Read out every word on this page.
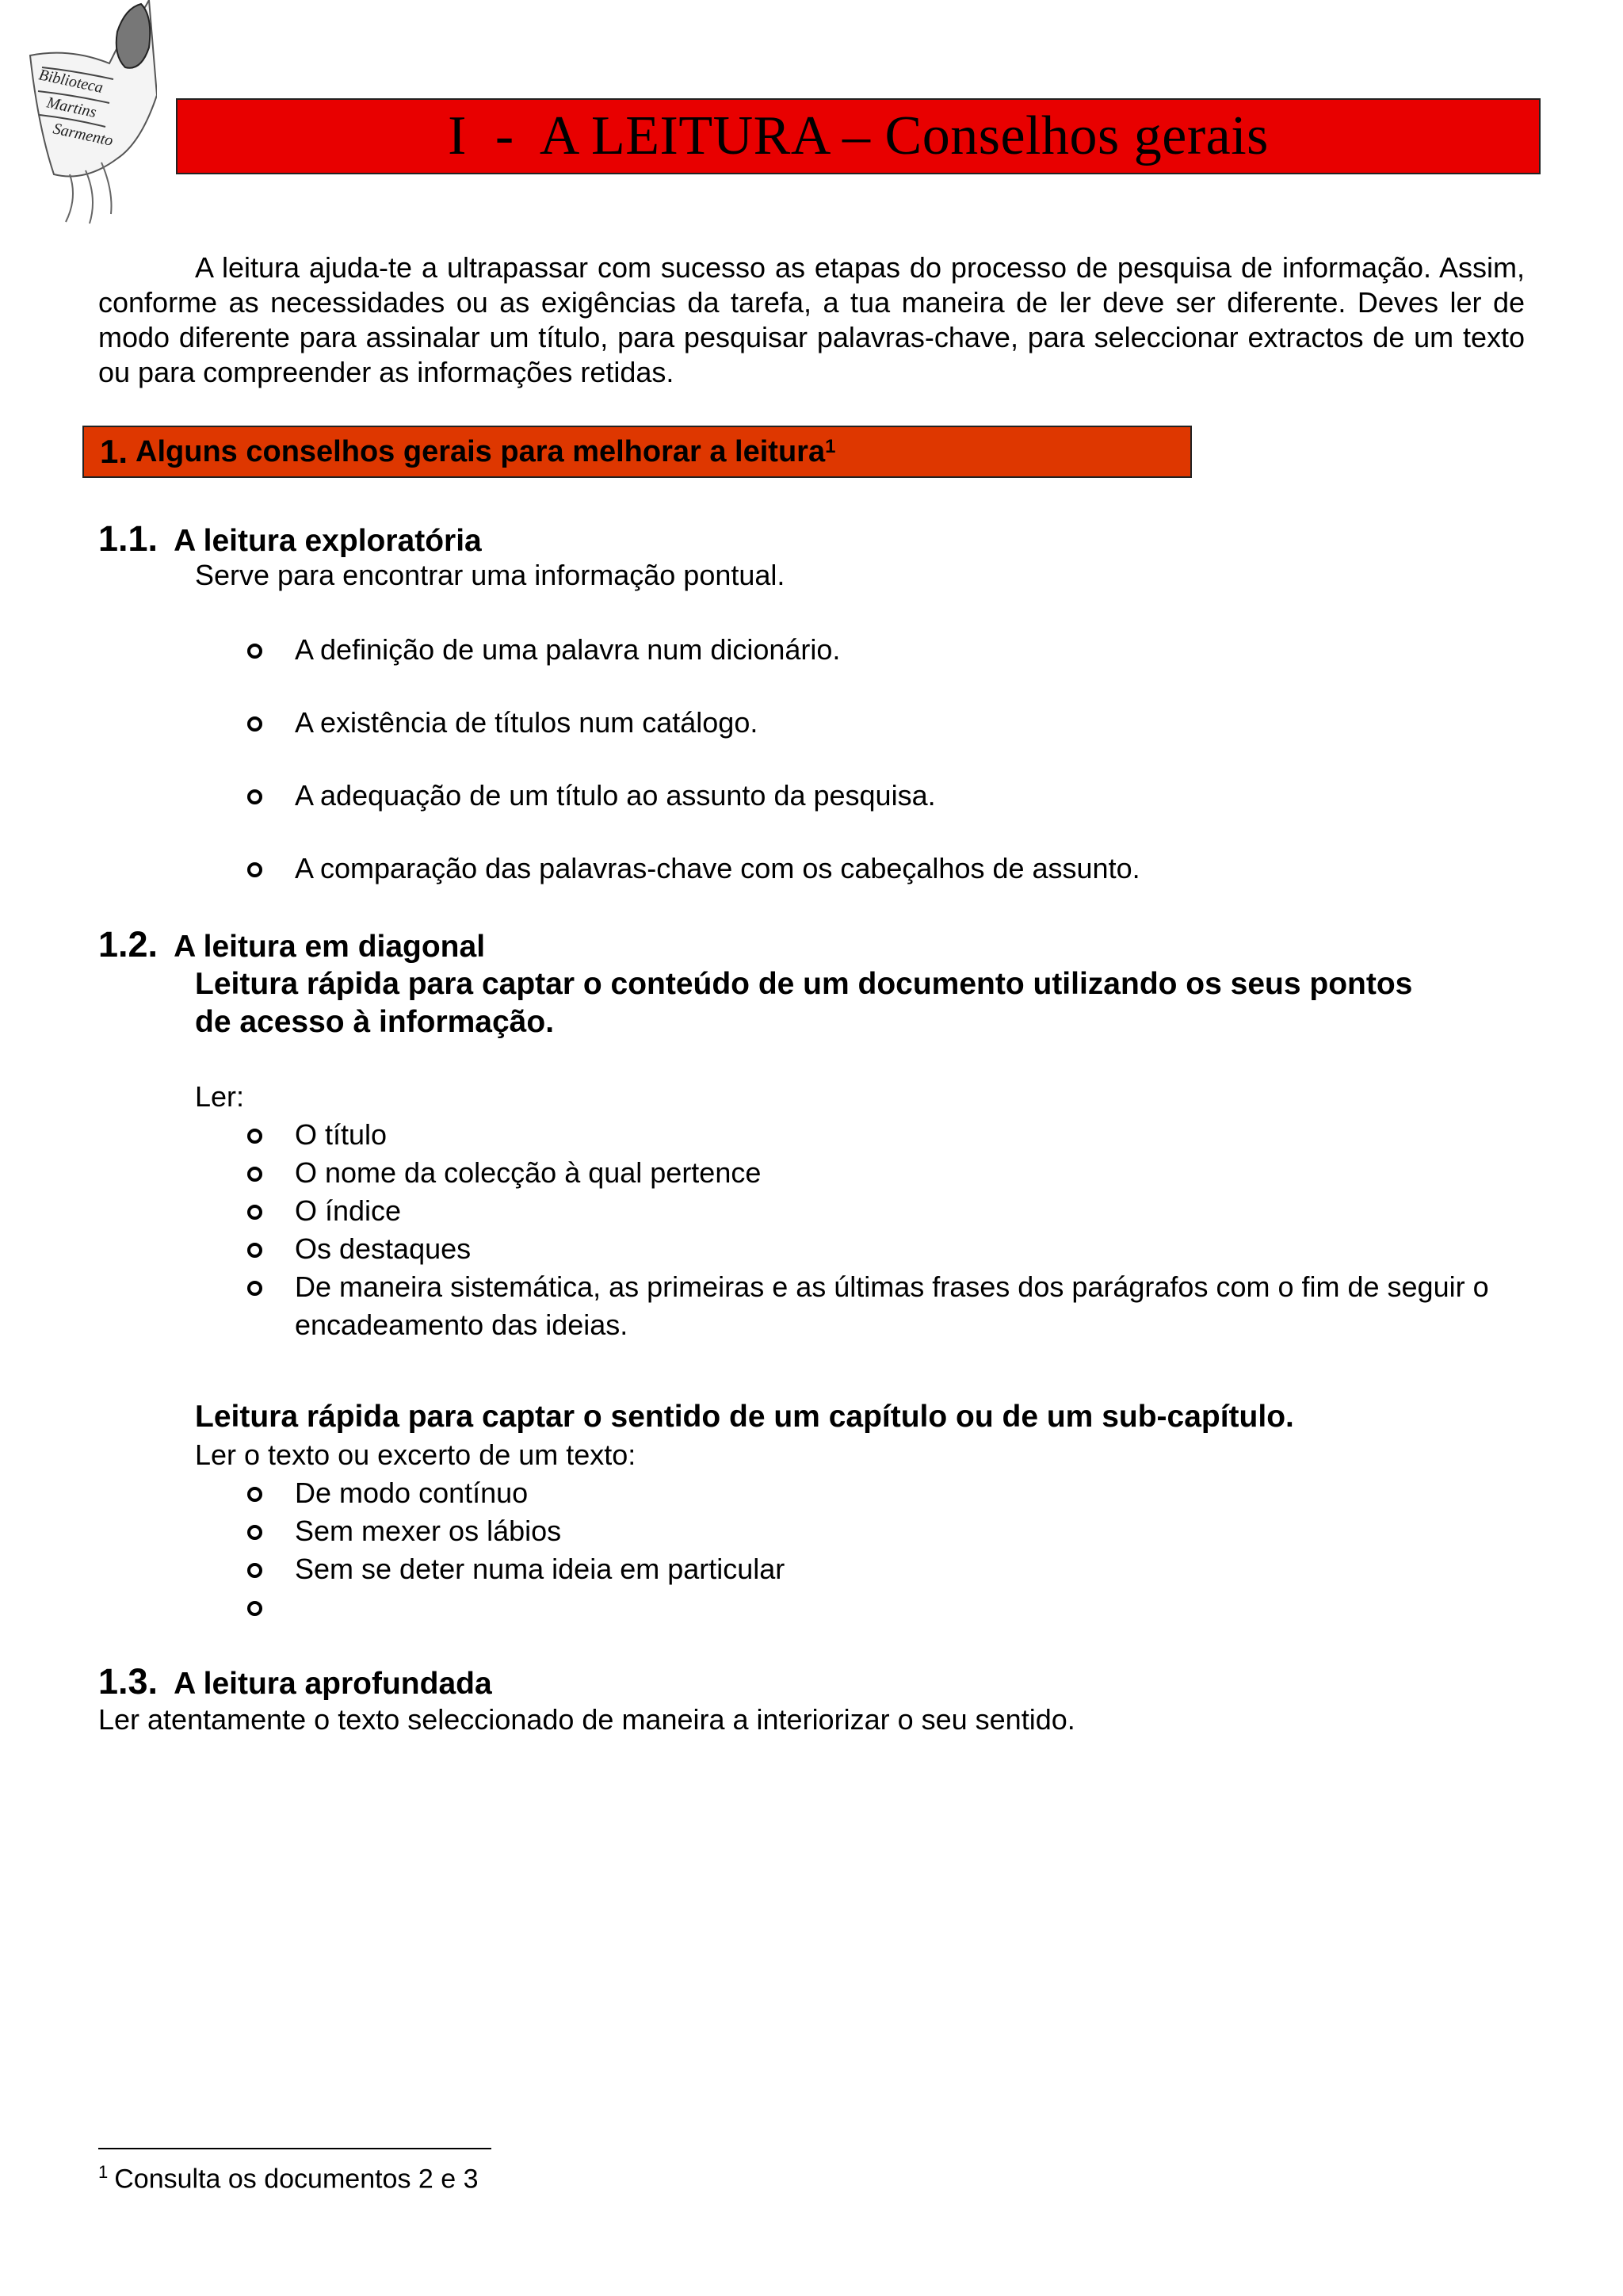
Biblioteca
Martins
Sarmento	I  -  A LEITURA – Conselhos gerais

A leitura ajuda-te a ultrapassar com sucesso as etapas do processo de pesquisa de informação. Assim, conforme as necessidades ou as exigências da tarefa, a tua maneira de ler deve ser diferente. Deves ler de modo diferente para assinalar um título, para pesquisar palavras-chave, para seleccionar extractos de um texto ou para compreender as informações retidas.

1. Alguns conselhos gerais para melhorar a leitura$^1$
1.1. A leitura exploratória
Serve para encontrar uma informação pontual.
A definição de uma palavra num dicionário.
A existência de títulos num catálogo.
A adequação de um título ao assunto da pesquisa.
A comparação das palavras-chave com os cabeçalhos de assunto.
1.2. A leitura em diagonal
Leitura rápida para captar o conteúdo de um documento utilizando os seus pontos
de acesso à informação.
Ler:
O título
O nome da colecção à qual pertence
O índice
Os destaques
De maneira sistemática, as primeiras e as últimas frases dos parágrafos com o fim de seguir o encadeamento das ideias.
Leitura rápida para captar o sentido de um capítulo ou de um sub-capítulo.
Ler o texto ou excerto de um texto:
De modo contínuo
Sem mexer os lábios
Sem se deter numa ideia em particular

1.3. A leitura aprofundada
Ler atentamente o texto seleccionado de maneira a interiorizar o seu sentido.
$^1$ Consulta os documentos 2 e 3
